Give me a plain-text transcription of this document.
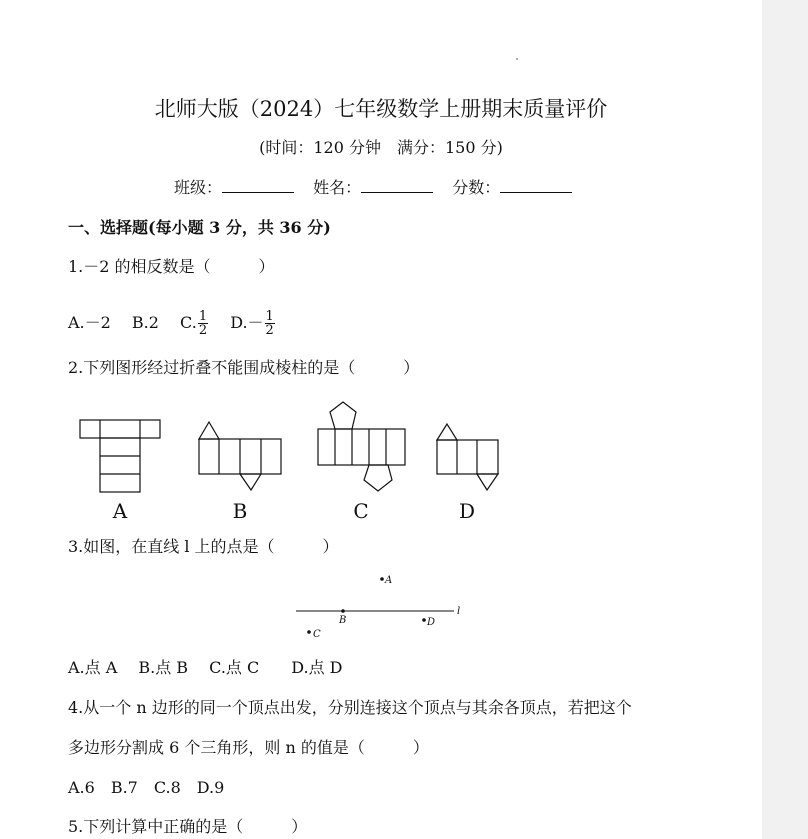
北师大版（2024）七年级数学上册期末质量评价
(时间：120 分钟　满分：150 分)
班级：	姓名：	分数：
一、选择题(每小题 3 分，共 36 分)
1.－2 的相反数是（　　　）
A.－2　 B.2　 C. $\frac{1}{2}$
　 $D.- \frac{1}{2}$
2.下列图形经过折叠不能围成棱柱的是（　　　）
A	B	C	D
3.如图，在直线 l 上的点是（　　　）
A
B	D
C
l
A.点 A　 B.点 B　 C.点 C　　D.点 D
4.从一个 n 边形的同一个顶点出发，分别连接这个顶点与其余各顶点，若把这个
多边形分割成 6 个三角形，则 n 的值是（　　　）
A.6　B.7　C.8　D.9
5.下列计算中正确的是（　　　）
